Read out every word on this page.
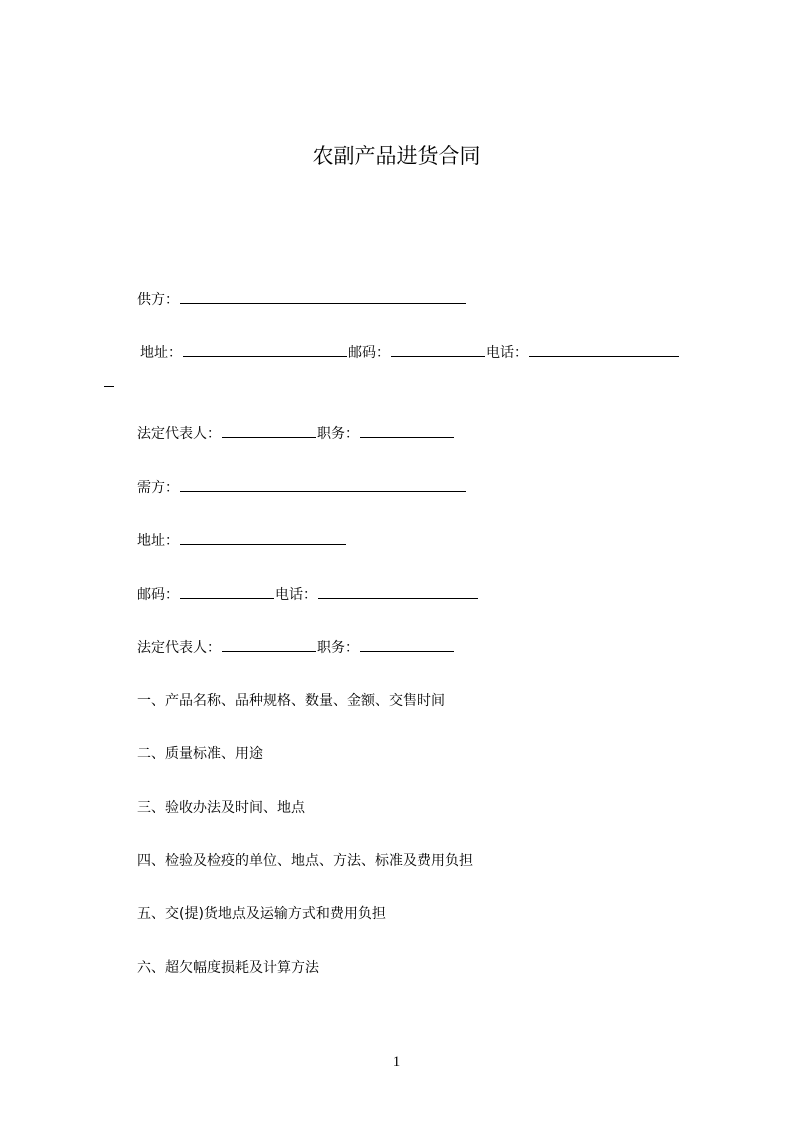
农副产品进货合同
供方：
地址：	邮码：	电话：
法定代表人：	职务：
需方：
地址：
邮码：	电话：
法定代表人：	职务：
一、产品名称、品种规格、数量、金额、交售时间
二、质量标准、用途
三、验收办法及时间、地点
四、检验及检疫的单位、地点、方法、标准及费用负担
五、交(提)货地点及运输方式和费用负担
六、超欠幅度损耗及计算方法
1
